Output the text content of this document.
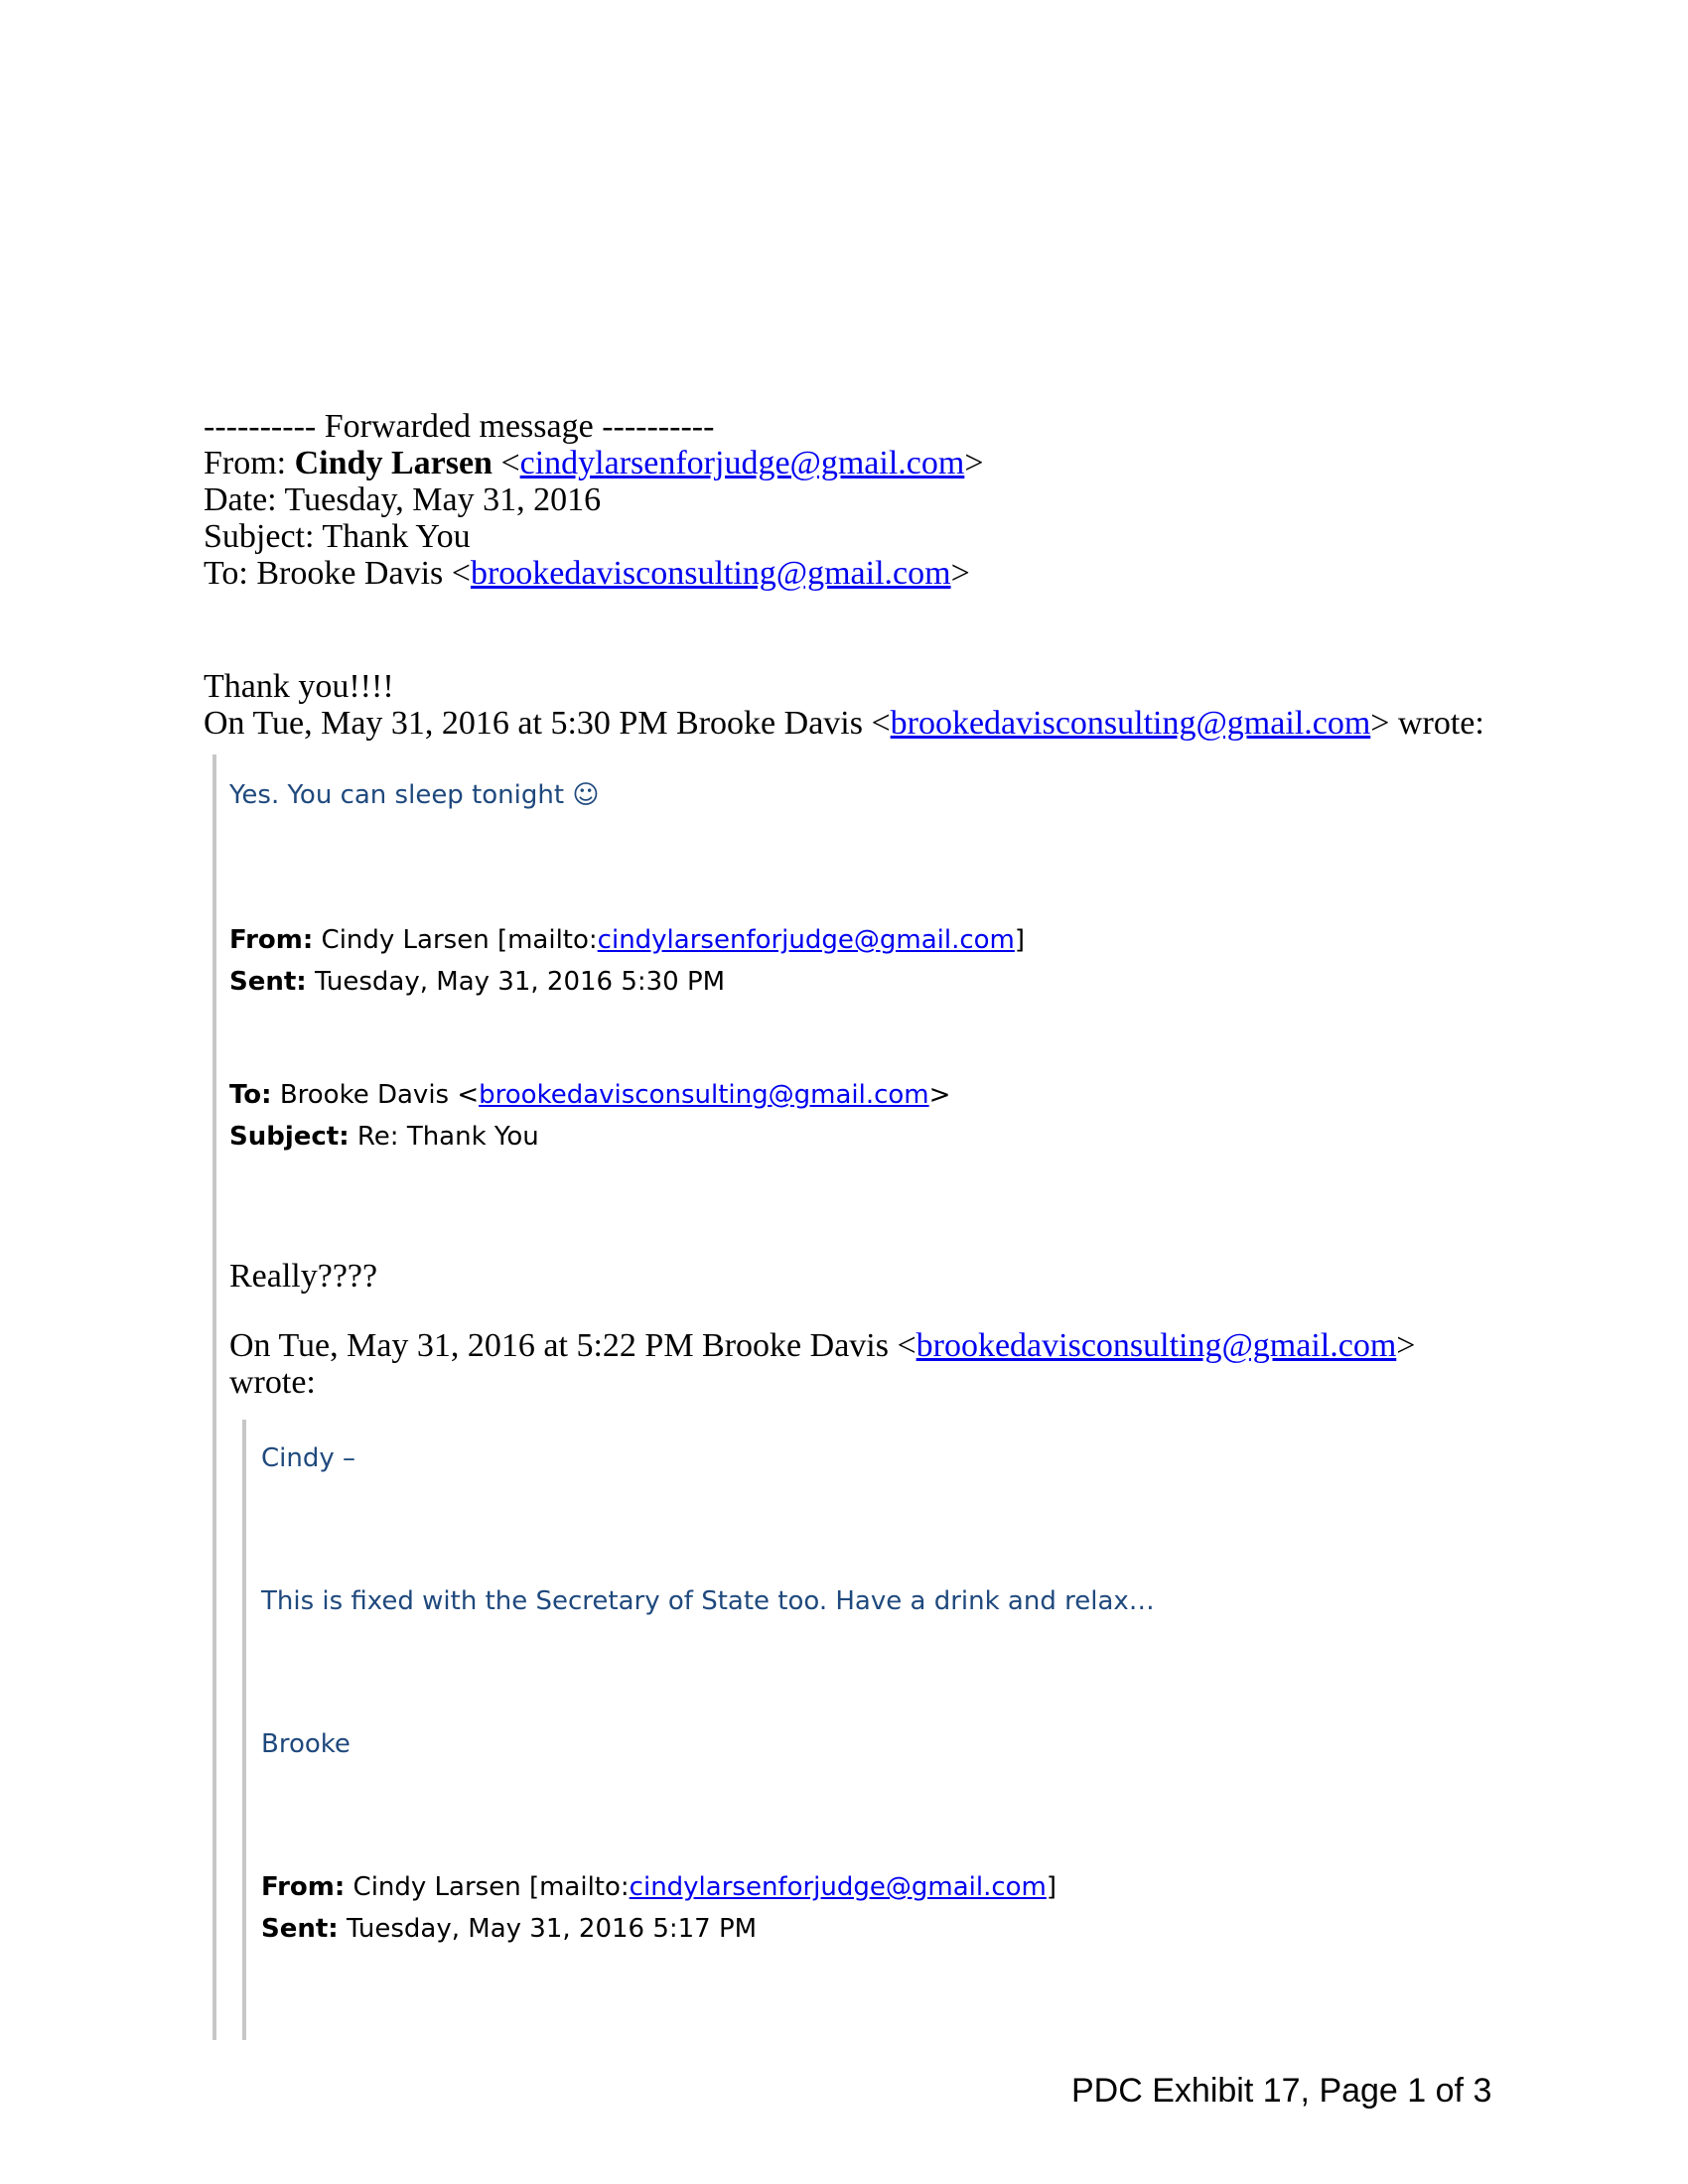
---------- Forwarded message ----------
From: Cindy Larsen <cindylarsenforjudge@gmail.com>
Date: Tuesday, May 31, 2016
Subject: Thank You
To: Brooke Davis <brookedavisconsulting@gmail.com>
Thank you!!!!
On Tue, May 31, 2016 at 5:30 PM Brooke Davis <brookedavisconsulting@gmail.com> wrote:
Yes. You can sleep tonight ☺
From: Cindy Larsen [mailto:cindylarsenforjudge@gmail.com]
Sent: Tuesday, May 31, 2016 5:30 PM
To: Brooke Davis <brookedavisconsulting@gmail.com>
Subject: Re: Thank You
Really????
On Tue, May 31, 2016 at 5:22 PM Brooke Davis <brookedavisconsulting@gmail.com>
wrote:
Cindy –
This is fixed with the Secretary of State too. Have a drink and relax…
Brooke
From: Cindy Larsen [mailto:cindylarsenforjudge@gmail.com]
Sent: Tuesday, May 31, 2016 5:17 PM
PDC Exhibit 17, Page 1 of 3
